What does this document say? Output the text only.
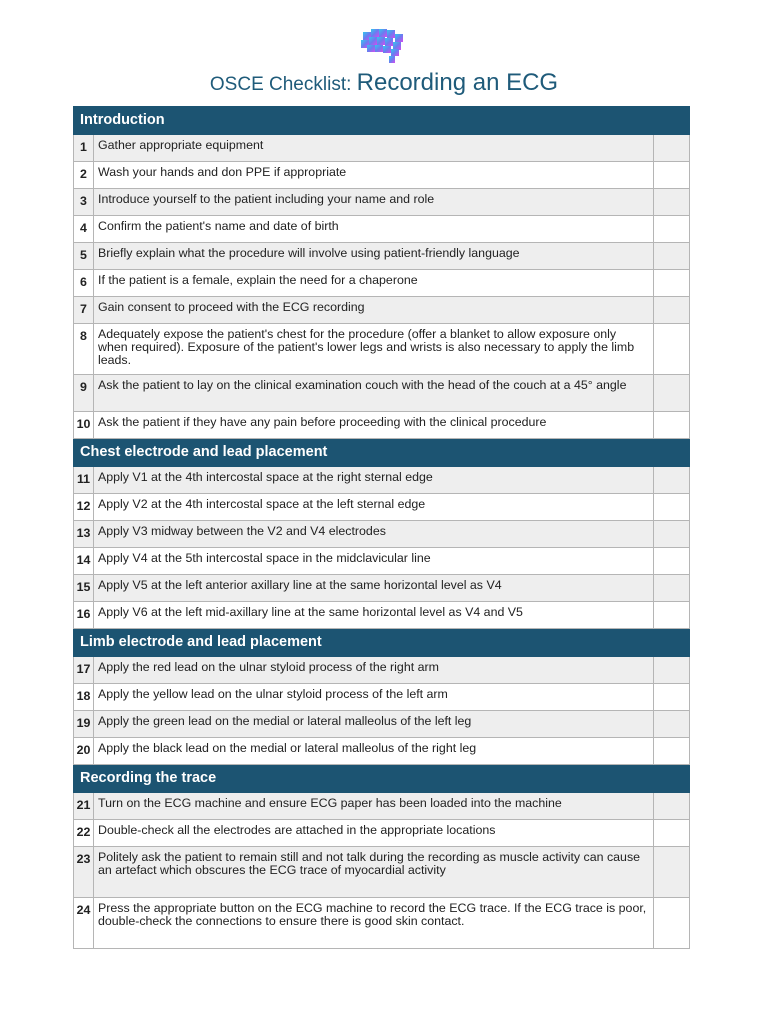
OSCE Checklist: Recording an ECG
Introduction		
1	Gather appropriate equipment	
2	Wash your hands and don PPE if appropriate	
3	Introduce yourself to the patient including your name and role	
4	Confirm the patient's name and date of birth	
5	Briefly explain what the procedure will involve using patient-friendly language	
6	If the patient is a female, explain the need for a chaperone	
7	Gain consent to proceed with the ECG recording	
8	Adequately expose the patient's chest for the procedure (offer a blanket to allow exposure only when required). Exposure of the patient's lower legs and wrists is also necessary to apply the limb leads.	
9	Ask the patient to lay on the clinical examination couch with the head of the couch at a 45° angle	
10	Ask the patient if they have any pain before proceeding with the clinical procedure	
Chest electrode and lead placement		
11	Apply V1 at the 4th intercostal space at the right sternal edge	
12	Apply V2 at the 4th intercostal space at the left sternal edge	
13	Apply V3 midway between the V2 and V4 electrodes	
14	Apply V4 at the 5th intercostal space in the midclavicular line	
15	Apply V5 at the left anterior axillary line at the same horizontal level as V4	
16	Apply V6 at the left mid-axillary line at the same horizontal level as V4 and V5	
Limb electrode and lead placement		
17	Apply the red lead on the ulnar styloid process of the right arm	
18	Apply the yellow lead on the ulnar styloid process of the left arm	
19	Apply the green lead on the medial or lateral malleolus of the left leg	
20	Apply the black lead on the medial or lateral malleolus of the right leg	
Recording the trace		
21	Turn on the ECG machine and ensure ECG paper has been loaded into the machine	
22	Double-check all the electrodes are attached in the appropriate locations	
23	Politely ask the patient to remain still and not talk during the recording as muscle activity can cause an artefact which obscures the ECG trace of myocardial activity	
24	Press the appropriate button on the ECG machine to record the ECG trace. If the ECG trace is poor, double-check the connections to ensure there is good skin contact.	
